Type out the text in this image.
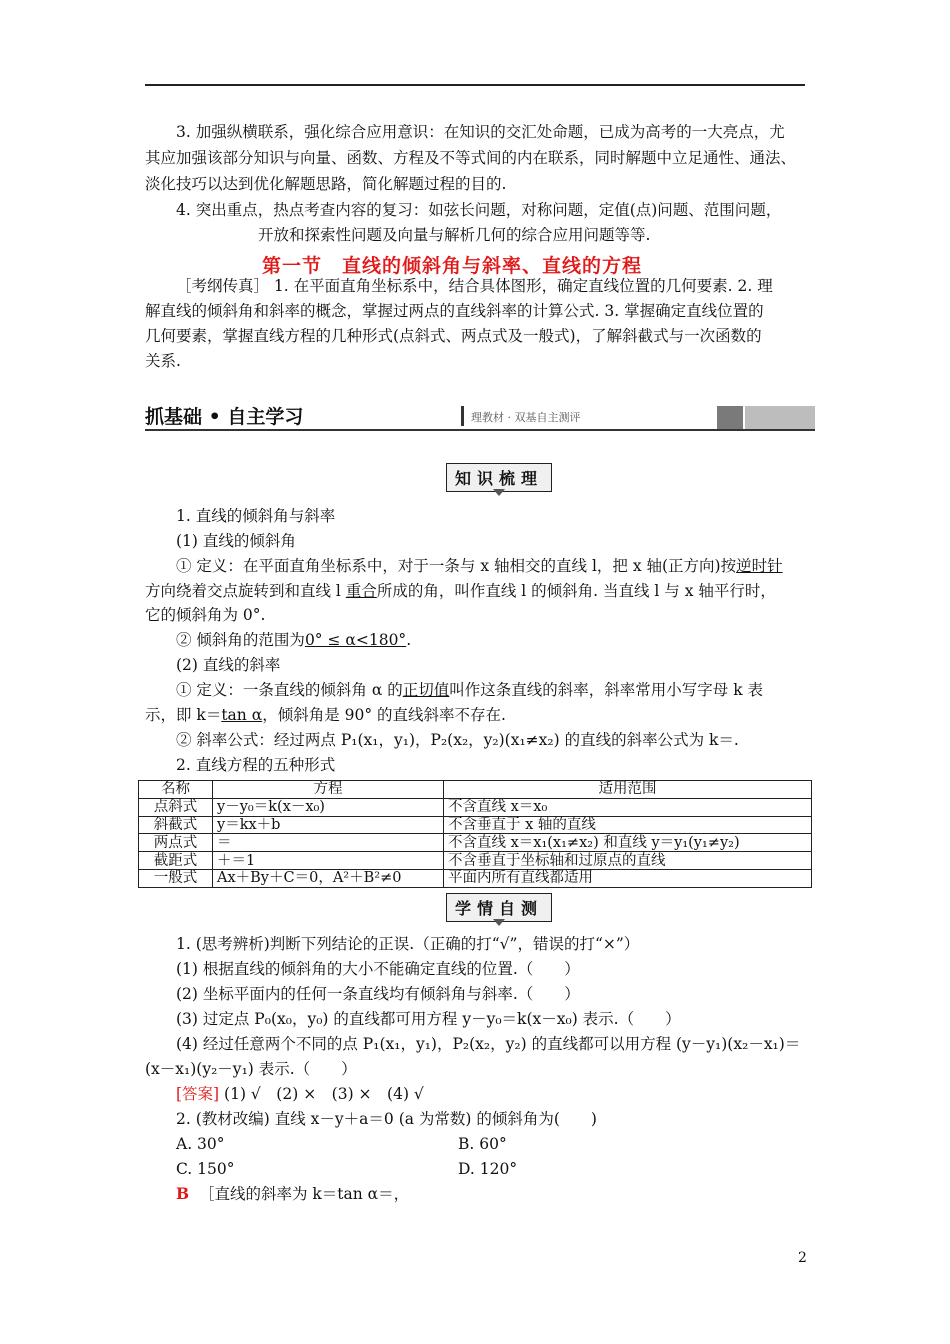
3. 加强纵横联系，强化综合应用意识：在知识的交汇处命题，已成为高考的一大亮点，尤
其应加强该部分知识与向量、函数、方程及不等式间的内在联系，同时解题中立足通性、通法、
淡化技巧以达到优化解题思路，简化解题过程的目的.
4. 突出重点，热点考查内容的复习：如弦长问题，对称问题，定值(点)问题、范围问题，
开放和探索性问题及向量与解析几何的综合应用问题等等.
第一节　直线的倾斜角与斜率、直线的方程
［考纲传真］ 1. 在平面直角坐标系中，结合具体图形，确定直线位置的几何要素. 2. 理
解直线的倾斜角和斜率的概念，掌握过两点的直线斜率的计算公式. 3. 掌握确定直线位置的
几何要素，掌握直线方程的几种形式(点斜式、两点式及一般式)，了解斜截式与一次函数的
关系.
抓基础 • 自主学习	理教材 · 双基自主测评
知识梳理
1. 直线的倾斜角与斜率
(1) 直线的倾斜角
① 定义：在平面直角坐标系中，对于一条与 x 轴相交的直线 l，把 x 轴(正方向)按逆时针
方向绕着交点旋转到和直线 l 重合所成的角，叫作直线 l 的倾斜角. 当直线 l 与 x 轴平行时，
它的倾斜角为 0°.
② 倾斜角的范围为0° ≤ α<180°.
(2) 直线的斜率
① 定义：一条直线的倾斜角 α 的正切值叫作这条直线的斜率，斜率常用小写字母 k 表
示，即 k＝tan α，倾斜角是 90° 的直线斜率不存在.
② 斜率公式：经过两点 P₁(x₁，y₁)，P₂(x₂，y₂)(x₁≠x₂) 的直线的斜率公式为 k＝.
2. 直线方程的五种形式
名称	方程	适用范围
点斜式	y－y₀＝k(x－x₀)	不含直线 x＝x₀
斜截式	y＝kx＋b	不含垂直于 x 轴的直线
两点式	＝	不含直线 x＝x₁(x₁≠x₂) 和直线 y＝y₁(y₁≠y₂)
截距式	＋＝1	不含垂直于坐标轴和过原点的直线
一般式	Ax＋By＋C＝0，A²＋B²≠0	平面内所有直线都适用
学情自测
1. (思考辨析)判断下列结论的正误.（正确的打“√”，错误的打“×”）
(1) 根据直线的倾斜角的大小不能确定直线的位置.（　　）
(2) 坐标平面内的任何一条直线均有倾斜角与斜率.（　　）
(3) 过定点 P₀(x₀，y₀) 的直线都可用方程 y－y₀＝k(x－x₀) 表示.（　　）
(4) 经过任意两个不同的点 P₁(x₁，y₁)，P₂(x₂，y₂) 的直线都可以用方程 (y－y₁)(x₂－x₁)＝
(x－x₁)(y₂－y₁) 表示.（　　）
[答案] (1) √　(2) ×　(3) ×　(4) √
2. (教材改编) 直线 x－y＋a＝0 (a 为常数) 的倾斜角为(　　)
A. 30°	B. 60°
C. 150°	D. 120°
B ［直线的斜率为 k＝tan α＝，
2
